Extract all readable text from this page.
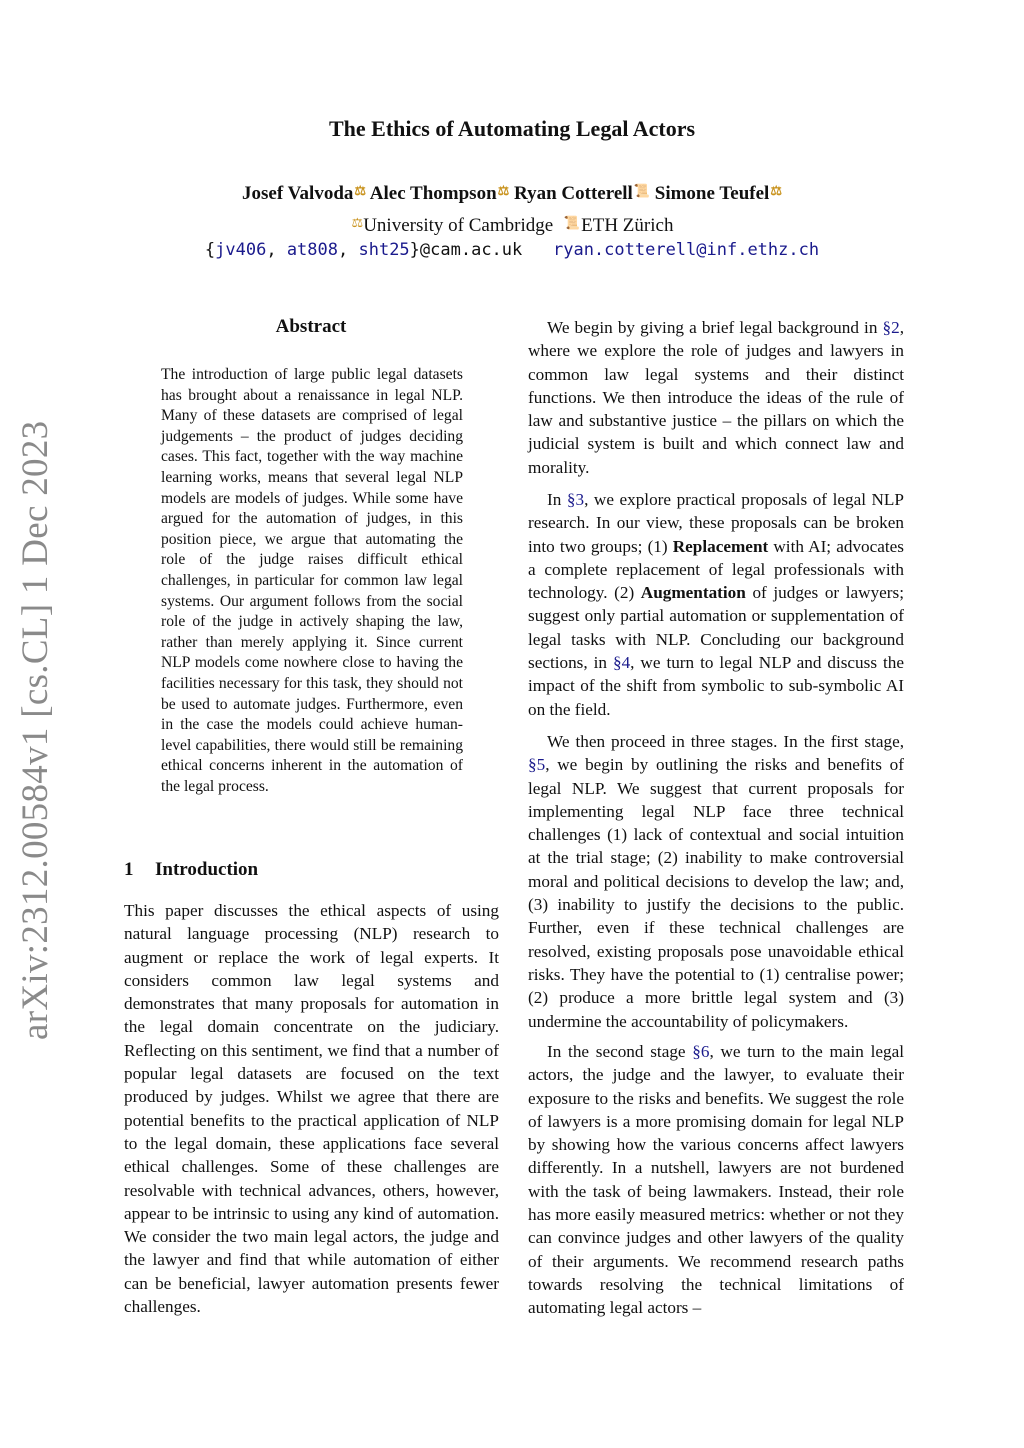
arXiv:2312.00584v1 [cs.CL] 1 Dec 2023
The Ethics of Automating Legal Actors
Josef Valvoda⚖ Alec Thompson⚖ Ryan Cotterell📜 Simone Teufel⚖
⚖University of Cambridge 📜ETH Zürich
{jv406, at808, sht25}@cam.ac.uk ryan.cotterell@inf.ethz.ch
Abstract
The introduction of large public legal datasets has brought about a renaissance in legal NLP. Many of these datasets are comprised of legal judgements – the product of judges deciding cases. This fact, together with the way machine learning works, means that several legal NLP models are models of judges. While some have argued for the automation of judges, in this position piece, we argue that automating the role of the judge raises difficult ethical challenges, in particular for common law legal systems. Our argument follows from the social role of the judge in actively shaping the law, rather than merely applying it. Since current NLP models come nowhere close to having the facilities necessary for this task, they should not be used to automate judges. Furthermore, even in the case the models could achieve human-level capabilities, there would still be remaining ethical concerns inherent in the automation of the legal process.
1 Introduction
This paper discusses the ethical aspects of using natural language processing (NLP) research to augment or replace the work of legal experts. It considers common law legal systems and demonstrates that many proposals for automation in the legal domain concentrate on the judiciary. Reflecting on this sentiment, we find that a number of popular legal datasets are focused on the text produced by judges. Whilst we agree that there are potential benefits to the practical application of NLP to the legal domain, these applications face several ethical challenges. Some of these challenges are resolvable with technical advances, others, however, appear to be intrinsic to using any kind of automation. We consider the two main legal actors, the judge and the lawyer and find that while automation of either can be beneficial, lawyer automation presents fewer challenges.

We begin by giving a brief legal background in §2, where we explore the role of judges and lawyers in common law legal systems and their distinct functions. We then introduce the ideas of the rule of law and substantive justice – the pillars on which the judicial system is built and which connect law and morality.

In §3, we explore practical proposals of legal NLP research. In our view, these proposals can be broken into two groups; (1) Replacement with AI; advocates a complete replacement of legal professionals with technology. (2) Augmentation of judges or lawyers; suggest only partial automation or supplementation of legal tasks with NLP. Concluding our background sections, in §4, we turn to legal NLP and discuss the impact of the shift from symbolic to sub-symbolic AI on the field.

We then proceed in three stages. In the first stage, §5, we begin by outlining the risks and benefits of legal NLP. We suggest that current proposals for implementing legal NLP face three technical challenges (1) lack of contextual and social intuition at the trial stage; (2) inability to make controversial moral and political decisions to develop the law; and, (3) inability to justify the decisions to the public. Further, even if these technical challenges are resolved, existing proposals pose unavoidable ethical risks. They have the potential to (1) centralise power; (2) produce a more brittle legal system and (3) undermine the accountability of policymakers.

In the second stage §6, we turn to the main legal actors, the judge and the lawyer, to evaluate their exposure to the risks and benefits. We suggest the role of lawyers is a more promising domain for legal NLP by showing how the various concerns affect lawyers differently. In a nutshell, lawyers are not burdened with the task of being lawmakers. Instead, their role has more easily measured metrics: whether or not they can convince judges and other lawyers of the quality of their arguments. We recommend research paths towards resolving the technical limitations of automating legal actors –
